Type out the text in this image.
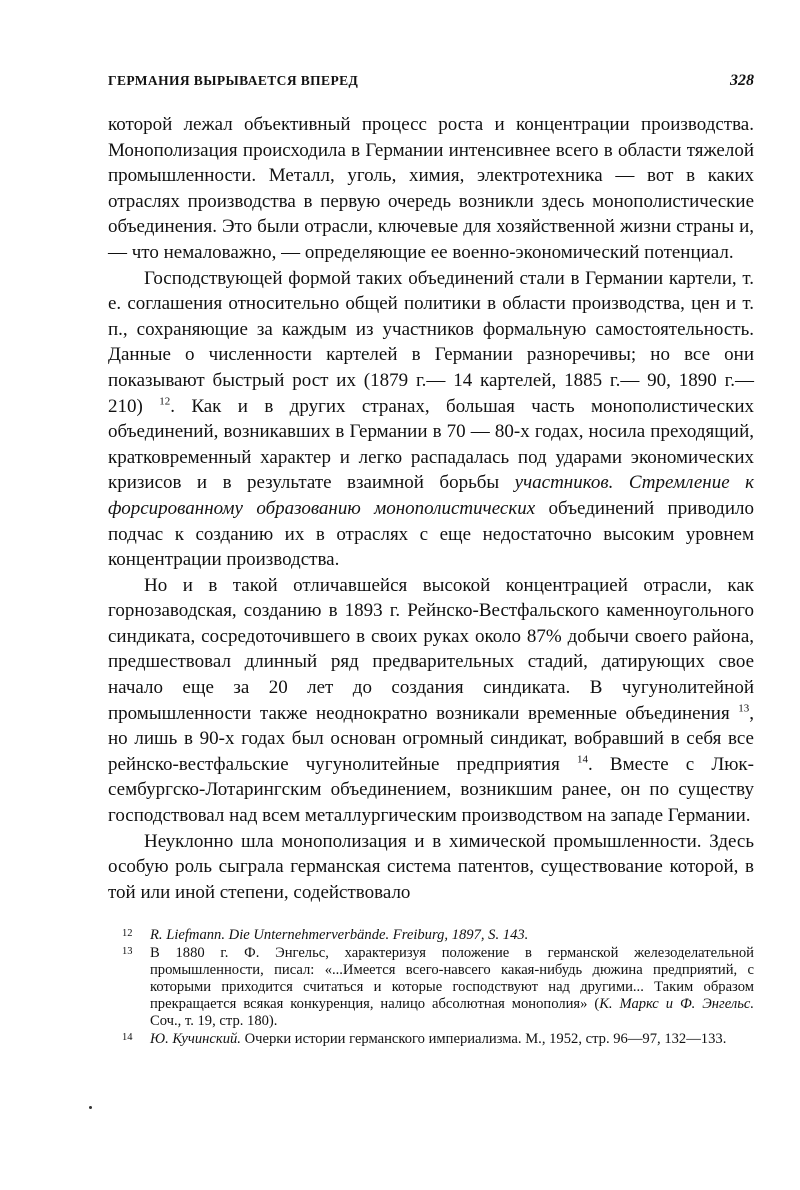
ГЕРМАНИЯ ВЫРЫВАЕТСЯ ВПЕРЕД	328

которой лежал объективный процесс роста и концентрации производства. Монополизация происходила в Германии интенсивнее всего в области тяжелой промышленности. Металл, уголь, химия, электротехника — вот в каких отраслях производства в первую очередь возникли здесь монополистические объединения. Это были отрасли, ключевые для хозяйственной жизни страны и, — что немаловажно, — определяющие ее военно-экономический потенциал.

Господствующей формой таких объединений стали в Германии картели, т. е. соглашения относительно общей политики в области производства, цен и т. п., сохраняющие за каждым из участников формальную самостоятельность. Данные о численности картелей в Германии разноречивы; но все они показывают быстрый рост их (1879 г.— 14 картелей, 1885 г.— 90, 1890 г.— 210) $^{12}$. Как и в других странах, большая часть монополистических объединений, возникавших в Германии в 70 — 80-х годах, носила преходящий, кратковременный характер и легко распадалась под ударами экономических кризисов и в результате взаимной борьбы участников. Стремление к форсированному образованию монополистических объединений приводило подчас к созданию их в отраслях с еще недостаточно высоким уровнем концентрации производства.

Но и в такой отличавшейся высокой концентрацией отрасли, как горнозаводская, созданию в 1893 г. Рейнско-Вестфальского каменноугольного синдиката, сосредоточившего в своих руках около 87% добычи своего района, предшествовал длинный ряд предварительных стадий, датирующих свое начало еще за 20 лет до создания синдиката. В чугунолитейной промышленности также неоднократно возникали временные объединения $^{13}$, но лишь в 90-х годах был основан огромный синдикат, вобравший в себя все рейнско-вестфальские чугунолитейные предприятия $^{14}$. Вместе с Люксембургско-Лотарингским объединением, возникшим ранее, он по существу господствовал над всем металлургическим производством на западе Германии.

Неуклонно шла монополизация и в химической промышленности. Здесь особую роль сыграла германская система патентов, существование которой, в той или иной степени, содействовало

12 R. Liefmann. Die Unternehmerverbände. Freiburg, 1897, S. 143.
13 В 1880 г. Ф. Энгельс, характеризуя положение в германской железоделательной промышленности, писал: «...Имеется всего-навсего какая-нибудь дюжина предприятий, с которыми приходится считаться и которые господствуют над другими... Таким образом прекращается всякая конкуренция, налицо абсолютная монополия» (К. Маркс и Ф. Энгельс. Соч., т. 19, стр. 180).
14 Ю. Кучинский. Очерки истории германского империализма. М., 1952, стр. 96—97, 132—133.
